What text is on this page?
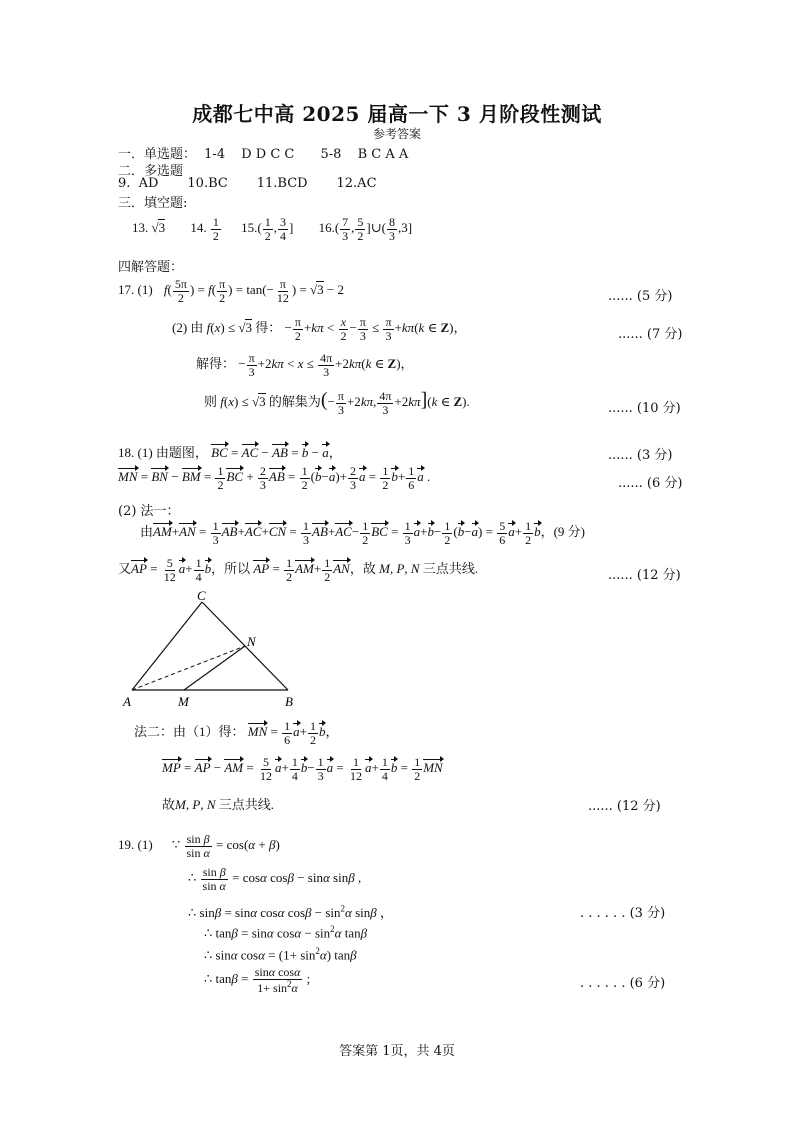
成都七中高 2025 届高一下 3 月阶段性测试
参考答案
一．单选题： 1-4 D D C C 5-8 B C A A
二．多选题
9.  AD       10.BC       11.BCD       12.AC
三．填空题:
13. √3 14. $\frac{1}{2} 15.( \frac{1}{2}$ , $\frac{3}{4}$ ] $16.( \frac{7}{3}$ , $\frac{5}{2}$ ]∪( $\frac{8}{3} ,3$]
四解答题：
17. (1) $f( \frac{5\pi}{2}$ ) = $f( \frac{\pi}{2}$ ) = $\tan(- \frac{\pi}{12}$ ) = √3 − 2	...... (5 分)
(2) 由 f(x) ≤ √3 得： − $\frac{\pi}{2} +k\pi < \frac{x}{2} - \frac{\pi}{3} \le \frac{\pi}{3} +k\pi(k$ ∈ Z)，	...... (7 分)
解得： − $\frac{\pi}{3} +2k\pi < x \le \frac{4\pi}{3} +2k\pi(k$ ∈ Z)，
则 f(x) ≤ √3 的解集为(− $\frac{\pi}{3} +2k\pi$, $\frac{4\pi}{3} +2k\pi](k$ ∈ Z).	...... (10 分)
18. (1) 由题图， BC = AC − AB = b − a，	...... (3 分)
MN = BN − BM = $\frac{1}{2}$ BC + $\frac{2}{3}$ AB = $\frac{1}{2} (b-a)+ \frac{2}{3}$ $a = \frac{1}{2} b+ \frac{1}{6}$ a .	...... (6 分)
(2) 法一：
由$AM+AN = \frac{1}{3} AB+AC+CN = \frac{1}{3} AB+AC- \frac{1}{2}$ BC = $\frac{1}{3} a+b- \frac{1}{2} (b-a) = \frac{5}{6} a+ \frac{1}{2}$ b，(9 分)
又AP = $\frac{5}{12} a+ \frac{1}{4}$ b，所以 AP = $\frac{1}{2} AM+ \frac{1}{2}$ AN，故 M, P, N 三点共线.	...... (12 分)
C
N
A	M	B
法二：由（1）得： MN = $\frac{1}{6} a+ \frac{1}{2}$ b，
MP = AP − AM = $\frac{5}{12} a+ \frac{1}{4} b- \frac{1}{3}$ $a = \frac{1}{12} a+ \frac{1}{4}$ $b = \frac{1}{2}$ MN
故M, P, N 三点共线.	...... (12 分)
19. (1) ∵ $\frac{\text{sin β}}{\text{sin α}} = \cos(\alpha + \beta)$
∴ $\frac{\text{sin β}}{\text{sin α}} = \cos\alpha$ cosβ − sinα sinβ ,
∴ sinβ = sinα cosα $\cos\beta - \sin^2\alpha$ sinβ ，	. . . . . . (3 分)
∴ tanβ = sinα $\cos\alpha - \sin^2\alpha$ tanβ
∴ sinα $\cos\alpha = (1+ \sin^2\alpha)$ tanβ
∴ $\tan\beta = \frac{\text{sinα cosα}}{1+ \sin^2\alpha}$ ;	. . . . . . (6 分)
答案第 1页，共 4页
